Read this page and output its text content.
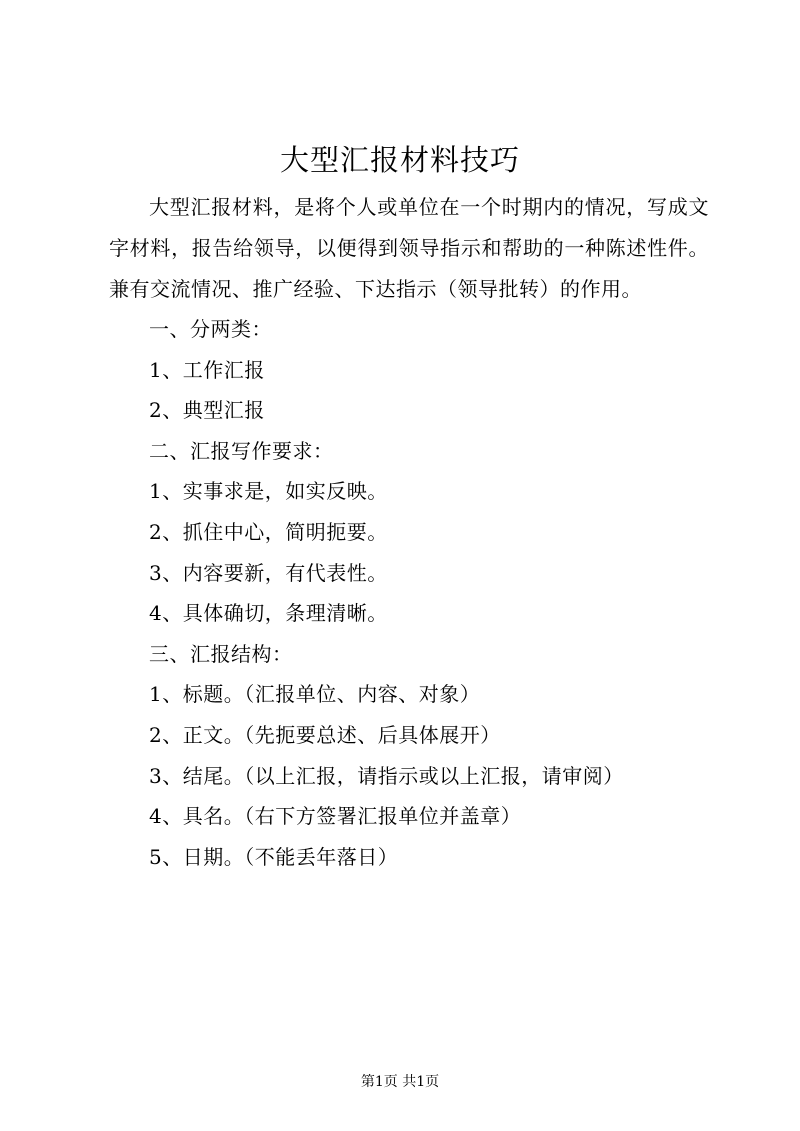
大型汇报材料技巧
大型汇报材料，是将个人或单位在一个时期内的情况，写成文字材料，报告给领导，以便得到领导指示和帮助的一种陈述性件。兼有交流情况、推广经验、下达指示（领导批转）的作用。
一、分两类：
1、工作汇报
2、典型汇报
二、汇报写作要求：
1、实事求是，如实反映。
2、抓住中心，简明扼要。
3、内容要新，有代表性。
4、具体确切，条理清晰。
三、汇报结构：
1、标题。（汇报单位、内容、对象）
2、正文。（先扼要总述、后具体展开）
3、结尾。（以上汇报，请指示或以上汇报，请审阅）
4、具名。（右下方签署汇报单位并盖章）
5、日期。（不能丢年落日）
第1页 共1页
